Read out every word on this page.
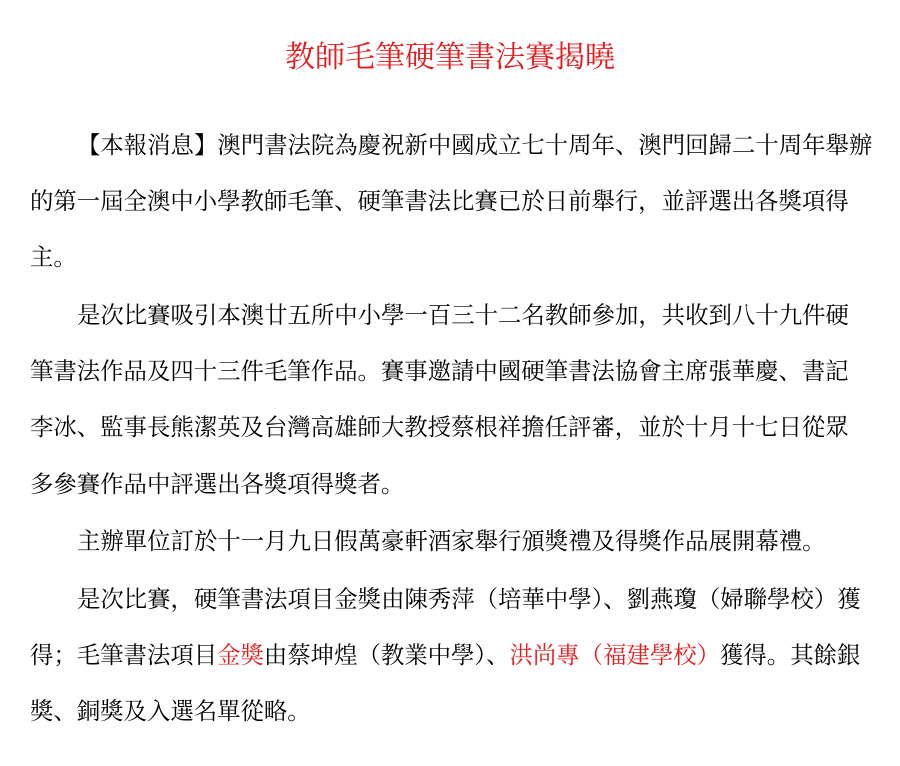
教師毛筆硬筆書法賽揭曉
【本報消息】澳門書法院為慶祝新中國成立七十周年、澳門回歸二十周年舉辦
的第一屆全澳中小學教師毛筆、硬筆書法比賽已於日前舉行，並評選出各獎項得
主。
是次比賽吸引本澳廿五所中小學一百三十二名教師參加，共收到八十九件硬
筆書法作品及四十三件毛筆作品。賽事邀請中國硬筆書法協會主席張華慶、書記
李冰、監事長熊潔英及台灣高雄師大教授蔡根祥擔任評審，並於十月十七日從眾
多參賽作品中評選出各獎項得獎者。
主辦單位訂於十一月九日假萬豪軒酒家舉行頒獎禮及得獎作品展開幕禮。
是次比賽，硬筆書法項目金獎由陳秀萍（培華中學）、劉燕瓊（婦聯學校）獲
得；毛筆書法項目金獎由蔡坤煌（教業中學）、洪尚專（福建學校）獲得。其餘銀
獎、銅獎及入選名單從略。
